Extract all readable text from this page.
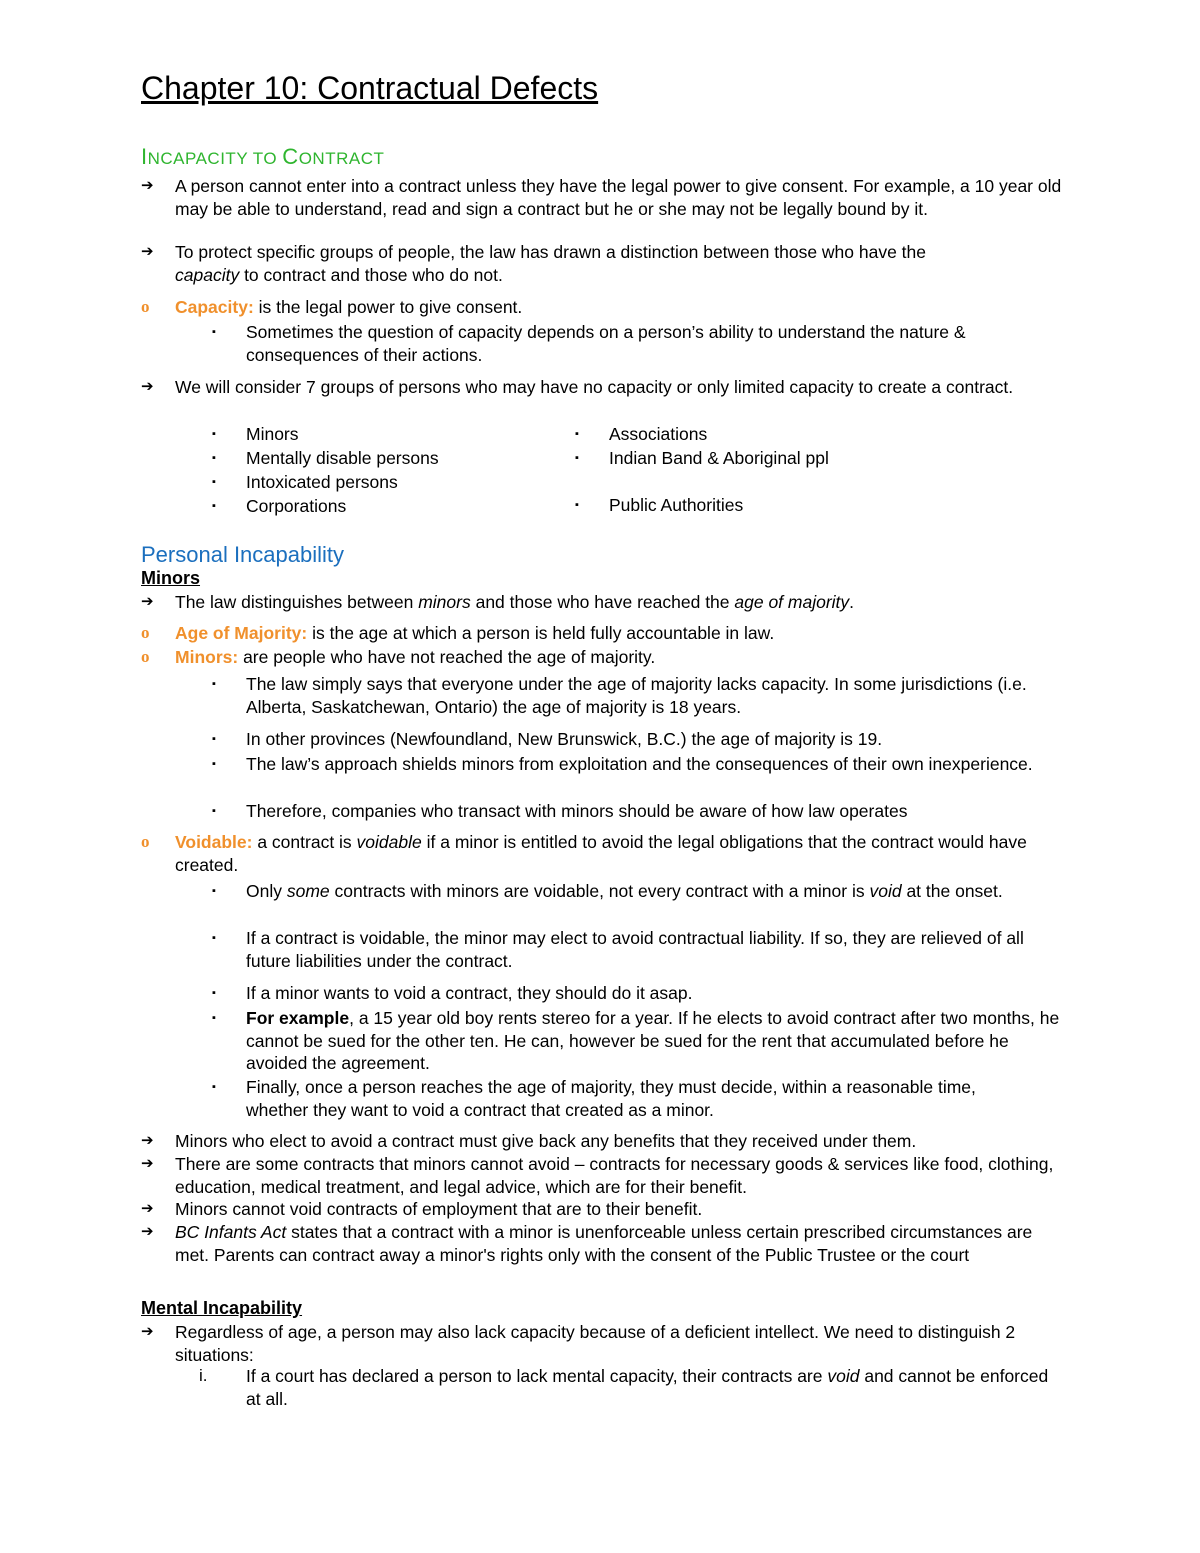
Chapter 10: Contractual Defects
INCAPACITY TO CONTRACT
➔ A person cannot enter into a contract unless they have the legal power to give consent. For example, a 10 year old may be able to understand, read and sign a contract but he or she may not be legally bound by it.
➔ To protect specific groups of people, the law has drawn a distinction between those who have the
capacity to contract and those who do not.
o Capacity: is the legal power to give consent.
▪ Sometimes the question of capacity depends on a person’s ability to understand the nature & consequences of their actions.
➔ We will consider 7 groups of persons who may have no capacity or only limited capacity to create a contract.
▪ Minors
▪ Mentally disable persons
▪ Intoxicated persons
▪ Corporations
▪ Associations
▪ Indian Band & Aboriginal ppl
▪ Public Authorities
Personal Incapability
Minors
➔ The law distinguishes between minors and those who have reached the age of majority.
o Age of Majority: is the age at which a person is held fully accountable in law.
o Minors: are people who have not reached the age of majority.
▪ The law simply says that everyone under the age of majority lacks capacity. In some jurisdictions (i.e. Alberta, Saskatchewan, Ontario) the age of majority is 18 years.
▪ In other provinces (Newfoundland, New Brunswick, B.C.) the age of majority is 19.
▪ The law’s approach shields minors from exploitation and the consequences of their own inexperience.
▪ Therefore, companies who transact with minors should be aware of how law operates
o Voidable: a contract is voidable if a minor is entitled to avoid the legal obligations that the contract would have created.
▪ Only some contracts with minors are voidable, not every contract with a minor is void at the onset.
▪ If a contract is voidable, the minor may elect to avoid contractual liability. If so, they are relieved of all future liabilities under the contract.
▪ If a minor wants to void a contract, they should do it asap.
▪ For example, a 15 year old boy rents stereo for a year. If he elects to avoid contract after two months, he cannot be sued for the other ten. He can, however be sued for the rent that accumulated before he avoided the agreement.
▪ Finally, once a person reaches the age of majority, they must decide, within a reasonable time, whether they want to void a contract that created as a minor.
➔ Minors who elect to avoid a contract must give back any benefits that they received under them.
➔ There are some contracts that minors cannot avoid – contracts for necessary goods & services like food, clothing, education, medical treatment, and legal advice, which are for their benefit.
➔ Minors cannot void contracts of employment that are to their benefit.
➔ BC Infants Act states that a contract with a minor is unenforceable unless certain prescribed circumstances are met. Parents can contract away a minor's rights only with the consent of the Public Trustee or the court
Mental Incapability
➔ Regardless of age, a person may also lack capacity because of a deficient intellect. We need to distinguish 2 situations:
i. If a court has declared a person to lack mental capacity, their contracts are void and cannot be enforced at all.
